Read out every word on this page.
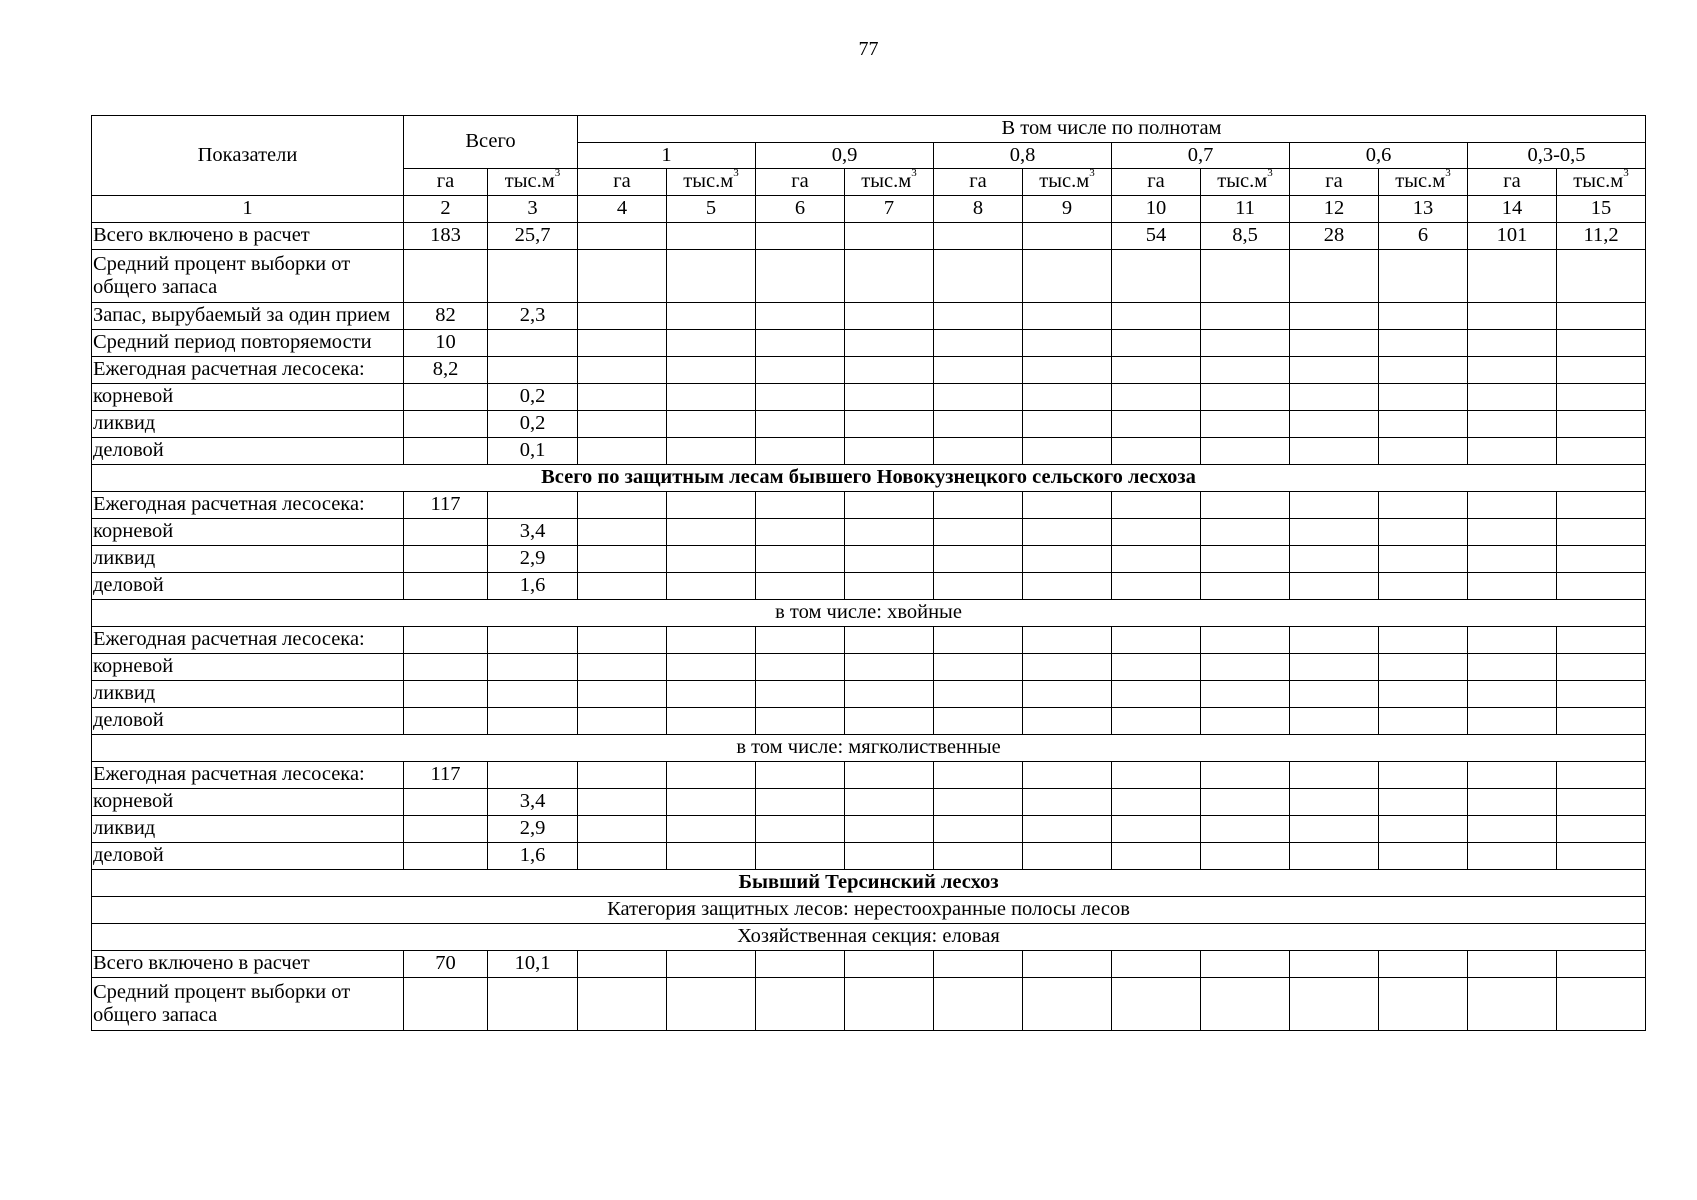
77
Показатели	Всего		В том числе по полнотам											
			1		0,9		0,8		0,7		0,6		0,3-0,5	
	га	$тыс.м^3$	га	$тыс.м^3$	га	$тыс.м^3$	га	$тыс.м^3$	га	$тыс.м^3$	га	$тыс.м^3$	га	$тыс.м^3$
1	2	3	4	5	6	7	8	9	10	11	12	13	14	15
Всего включено в расчет	183	25,7							54	8,5	28	6	101	11,2
Средний процент выборки от общего запаса														
Запас, вырубаемый за один прием	82	2,3												
Средний период повторяемости	10													
Ежегодная расчетная лесосека:	8,2													
корневой		0,2												
ликвид		0,2												
деловой		0,1												
Всего по защитным лесам бывшего Новокузнецкого сельского лесхоза														
Ежегодная расчетная лесосека:	117													
корневой		3,4												
ликвид		2,9												
деловой		1,6												
в том числе: хвойные														
Ежегодная расчетная лесосека:														
корневой														
ликвид														
деловой														
в том числе: мягколиственные														
Ежегодная расчетная лесосека:	117													
корневой		3,4												
ликвид		2,9												
деловой		1,6												
Бывший Терсинский лесхоз														
Категория защитных лесов: нерестоохранные полосы лесов														
Хозяйственная секция: еловая														
Всего включено в расчет	70	10,1												
Средний процент выборки от общего запаса														
